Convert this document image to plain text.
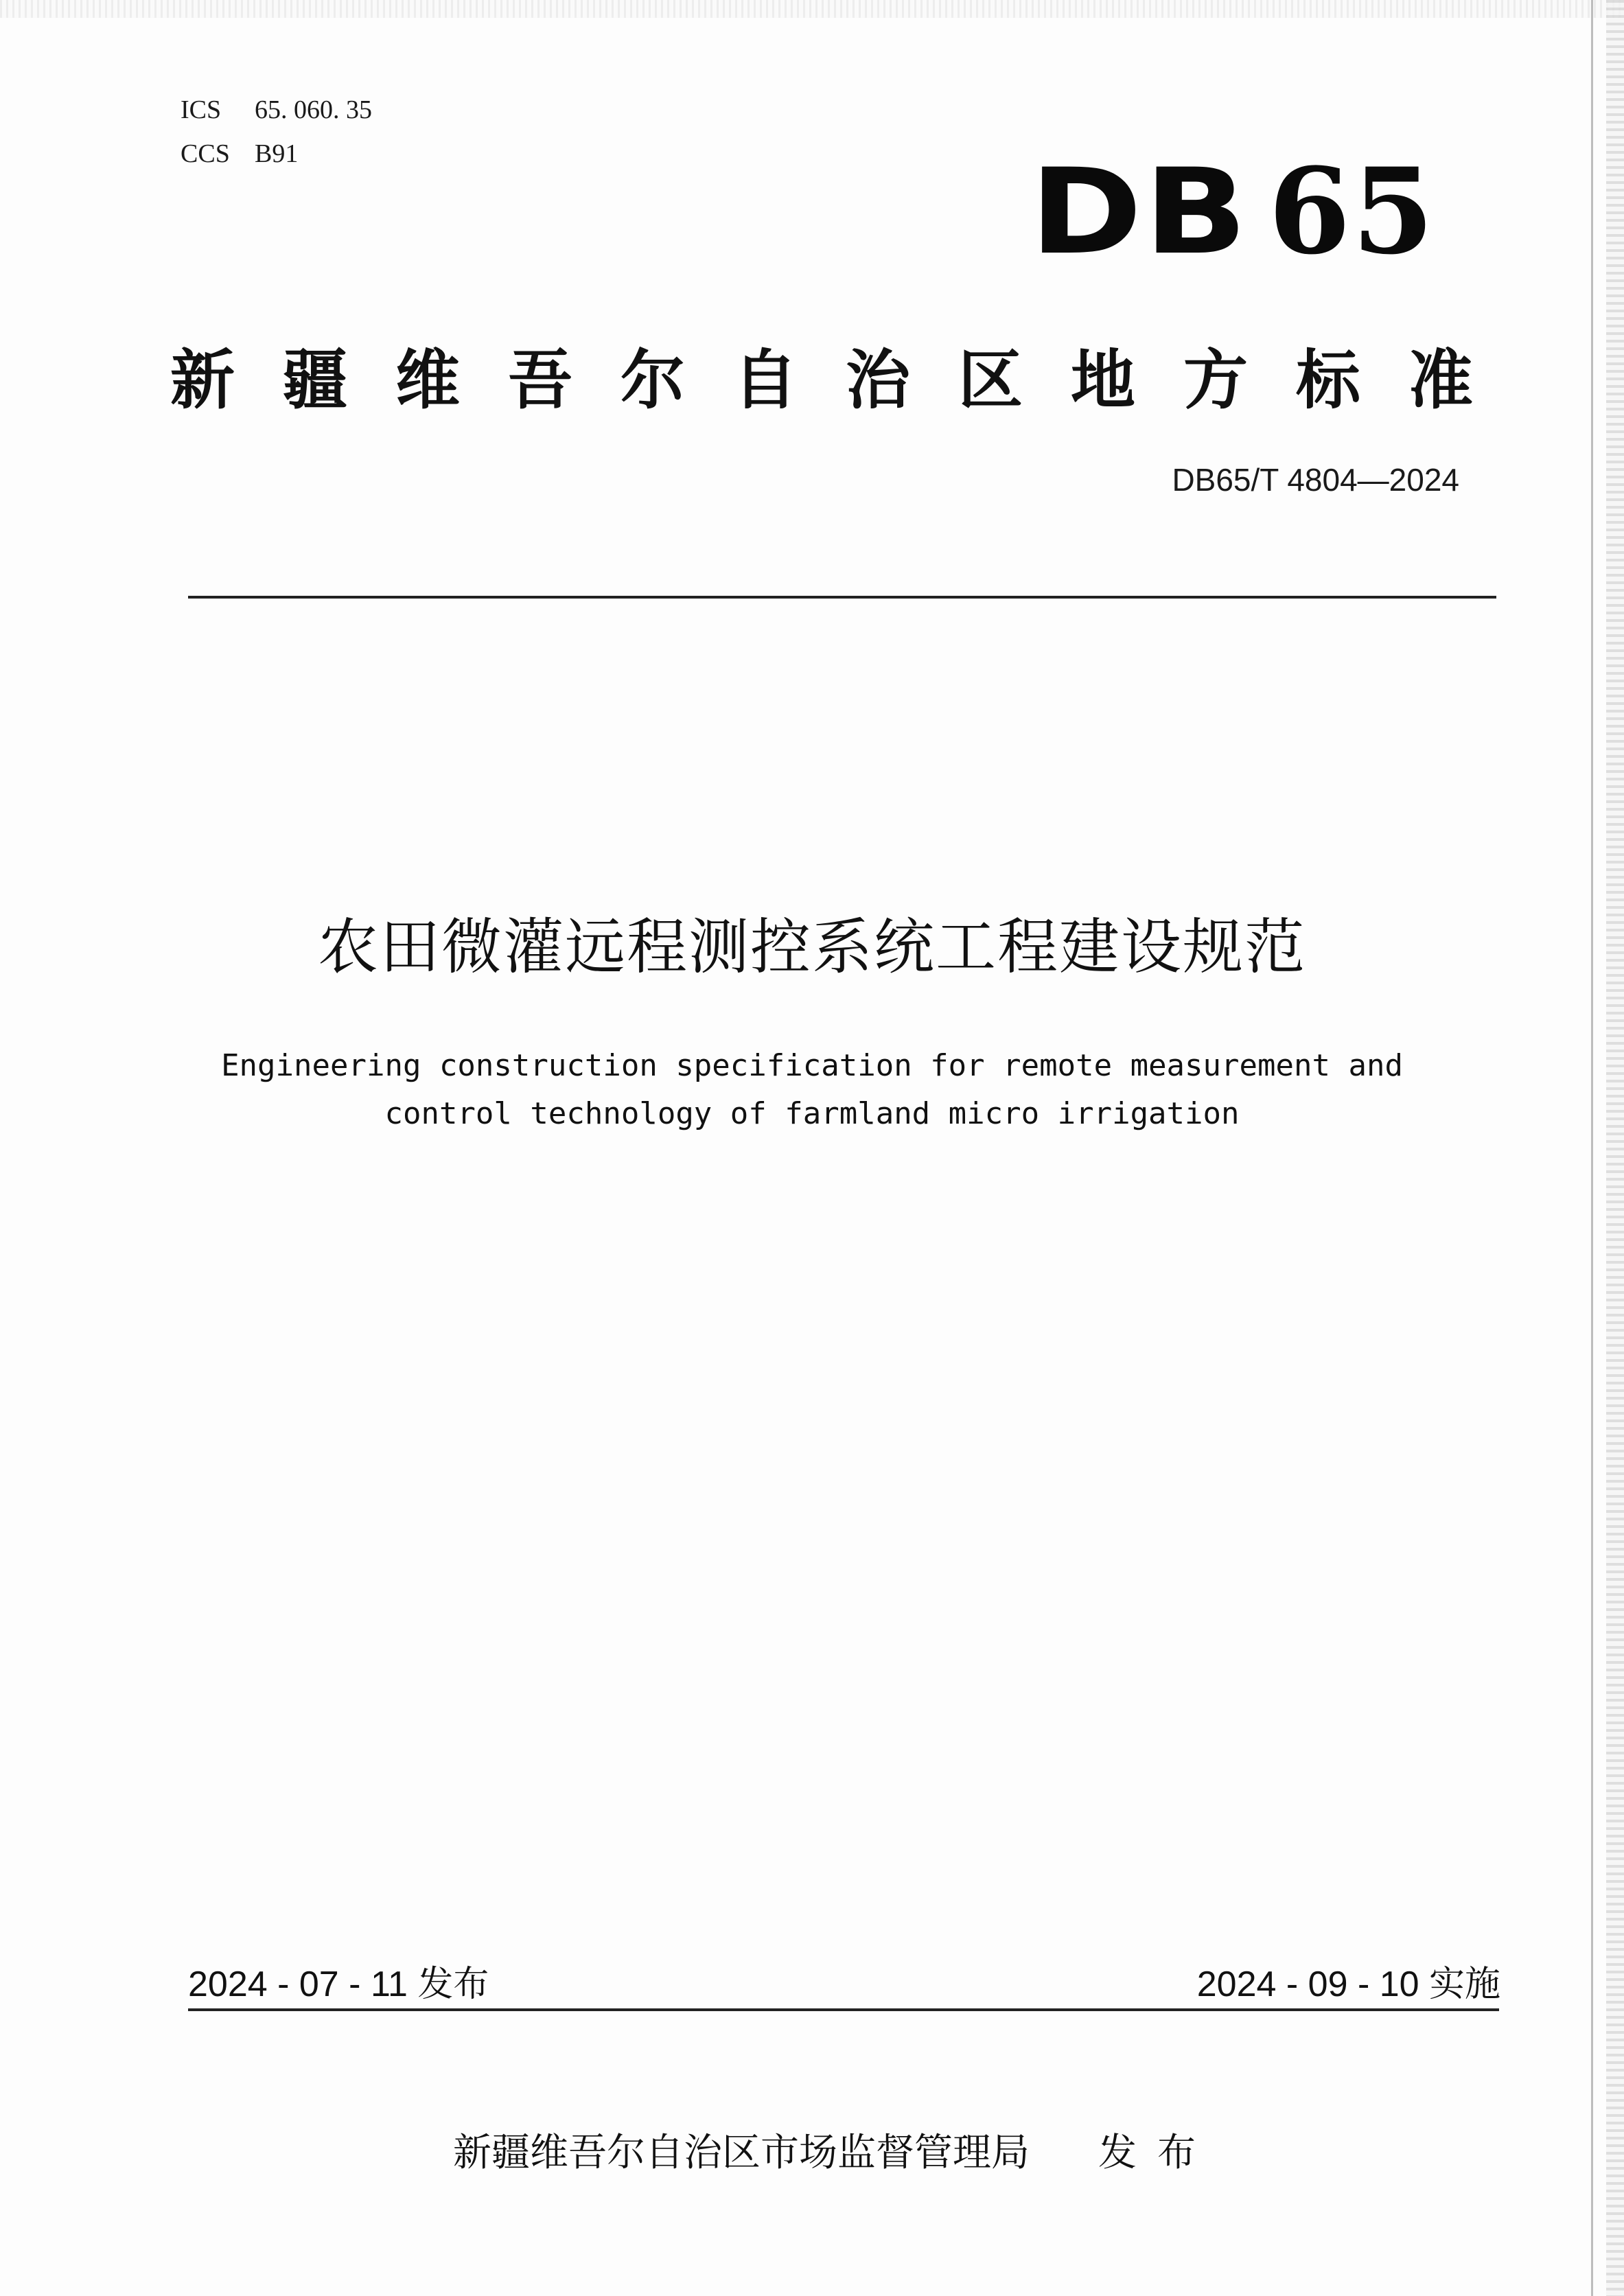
ICS 65. 060. 35
CCS B91	DB 65
新疆维吾尔自治区地方标准
DB65/T 4804—2024
农田微灌远程测控系统工程建设规范
Engineering construction specification for remote measurement and
control technology of farmland micro irrigation
2024 - 07 - 11 发布	2024 - 09 - 10 实施
新疆维吾尔自治区市场监督管理局 发布
